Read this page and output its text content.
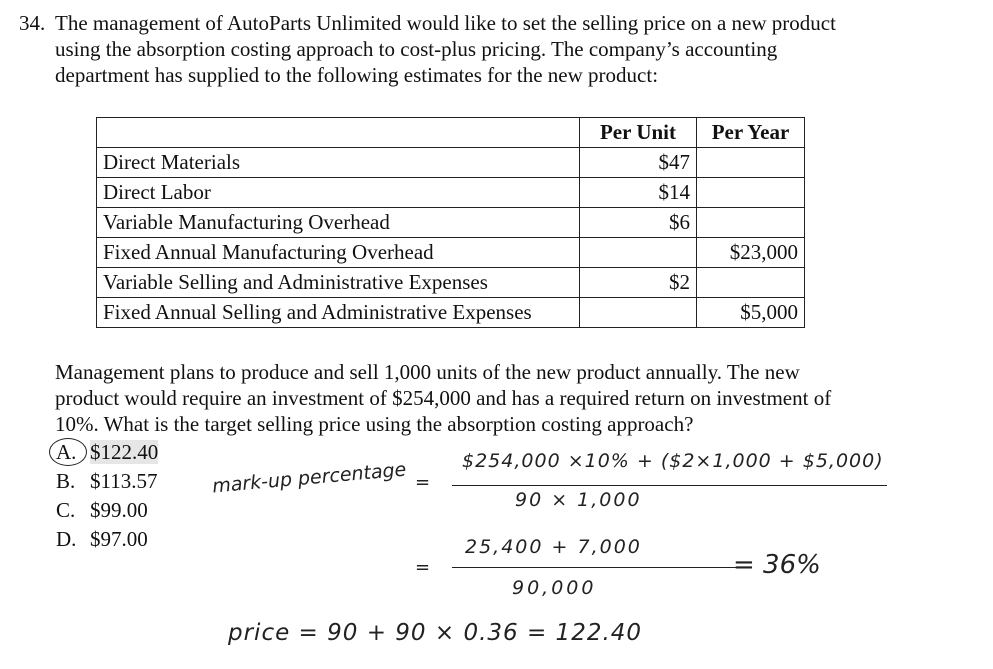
34. The management of AutoParts Unlimited would like to set the selling price on a new product
using the absorption costing approach to cost-plus pricing. The company’s accounting
department has supplied to the following estimates for the new product:
	Per Unit	Per Year
Direct Materials	$47	
Direct Labor	$14	
Variable Manufacturing Overhead	$6	
Fixed Annual Manufacturing Overhead		$23,000
Variable Selling and Administrative Expenses	$2	
Fixed Annual Selling and Administrative Expenses		$5,000
Management plans to produce and sell 1,000 units of the new product annually. The new
product would require an investment of $254,000 and has a required return on investment of
10%. What is the target selling price using the absorption costing approach?
A. $122.40
B. $113.57
C. $99.00
D. $97.00
mark-up percentage =
$254,000 ×10% + ($2×1,000 + $5,000)
90 × 1,000
=
25,400 + 7,000
90,000
= 36%
price = 90 + 90 × 0.36 = 122.40
